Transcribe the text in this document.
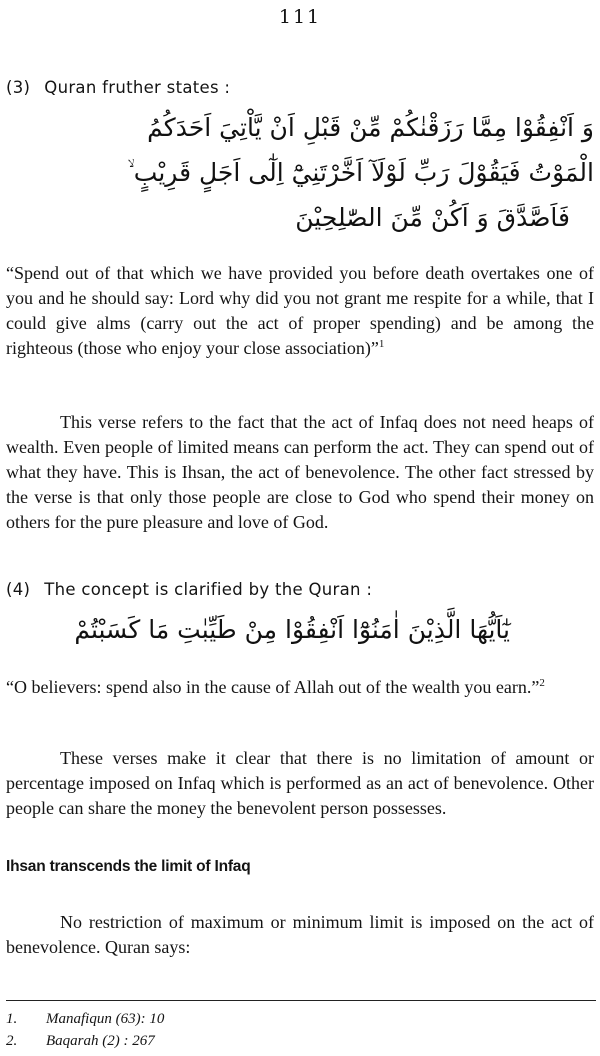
111
(3) Quran fruther states :
وَ اَنْفِقُوْا مِمَّا رَزَقْنٰكُمْ مِّنْ قَبْلِ اَنْ يَّاْتِيَ اَحَدَكُمُ
الْمَوْتُ فَيَقُوْلَ رَبِّ لَوْلَآ اَخَّرْتَنِيْٓ اِلٰٓى اَجَلٍ قَرِيْبٍ ۙ
فَاَصَّدَّقَ وَ اَكُنْ مِّنَ الصّٰلِحِيْنَ

“Spend out of that which we have provided you before death overtakes one of you and he should say: Lord why did you not grant me respite for a while, that I could give alms (carry out the act of proper spending) and be among the righteous (those who enjoy your close association)”$^1$

This verse refers to the fact that the act of Infaq does not need heaps of wealth. Even people of limited means can perform the act. They can spend out of what they have. This is Ihsan, the act of benevolence. The other fact stressed by the verse is that only those people are close to God who spend their money on others for the pure pleasure and love of God.

(4) The concept is clarified by the Quran :
يٰٓاَيُّهَا الَّذِيْنَ اٰمَنُوْٓا اَنْفِقُوْا مِنْ طَيِّبٰتِ مَا كَسَبْتُمْ

“O believers: spend also in the cause of Allah out of the wealth you earn.”$^2$

These verses make it clear that there is no limitation of amount or percentage imposed on Infaq which is performed as an act of benevolence. Other people can share the money the benevolent person possesses.

Ihsan transcends the limit of Infaq

No restriction of maximum or minimum limit is imposed on the act of benevolence. Quran says:

1.	Manafiqun (63): 10
2.	Baqarah (2) : 267
